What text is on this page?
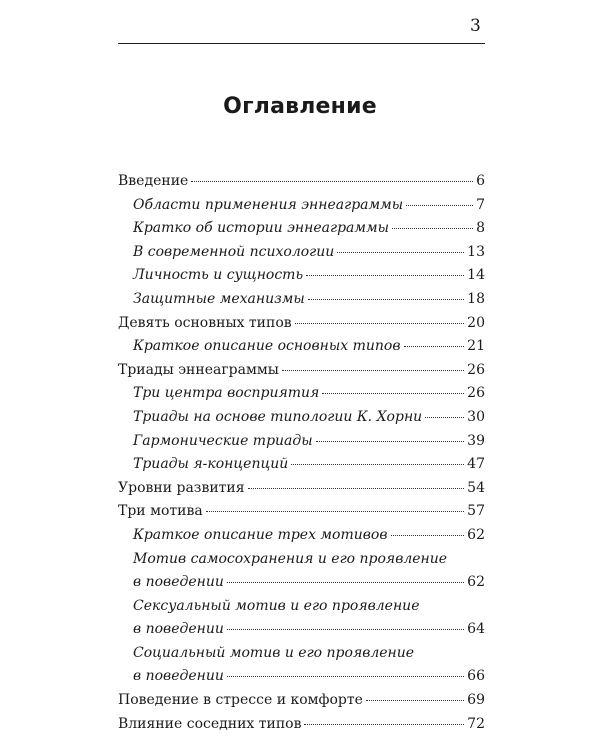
3
Оглавление
Введение	6
Области применения эннеаграммы	7
Кратко об истории эннеаграммы	8
В современной психологии	13
Личность и сущность	14
Защитные механизмы	18
Девять основных типов	20
Краткое описание основных типов	21
Триады эннеаграммы	26
Три центра восприятия	26
Триады на основе типологии К. Хорни	30
Гармонические триады	39
Триады я-концепций	47
Уровни развития	54
Три мотива	57
Краткое описание трех мотивов	62
Мотив самосохранения и его проявление
в поведении	62
Сексуальный мотив и его проявление
в поведении	64
Социальный мотив и его проявление
в поведении	66
Поведение в стрессе и комфорте	69
Влияние соседних типов	72
